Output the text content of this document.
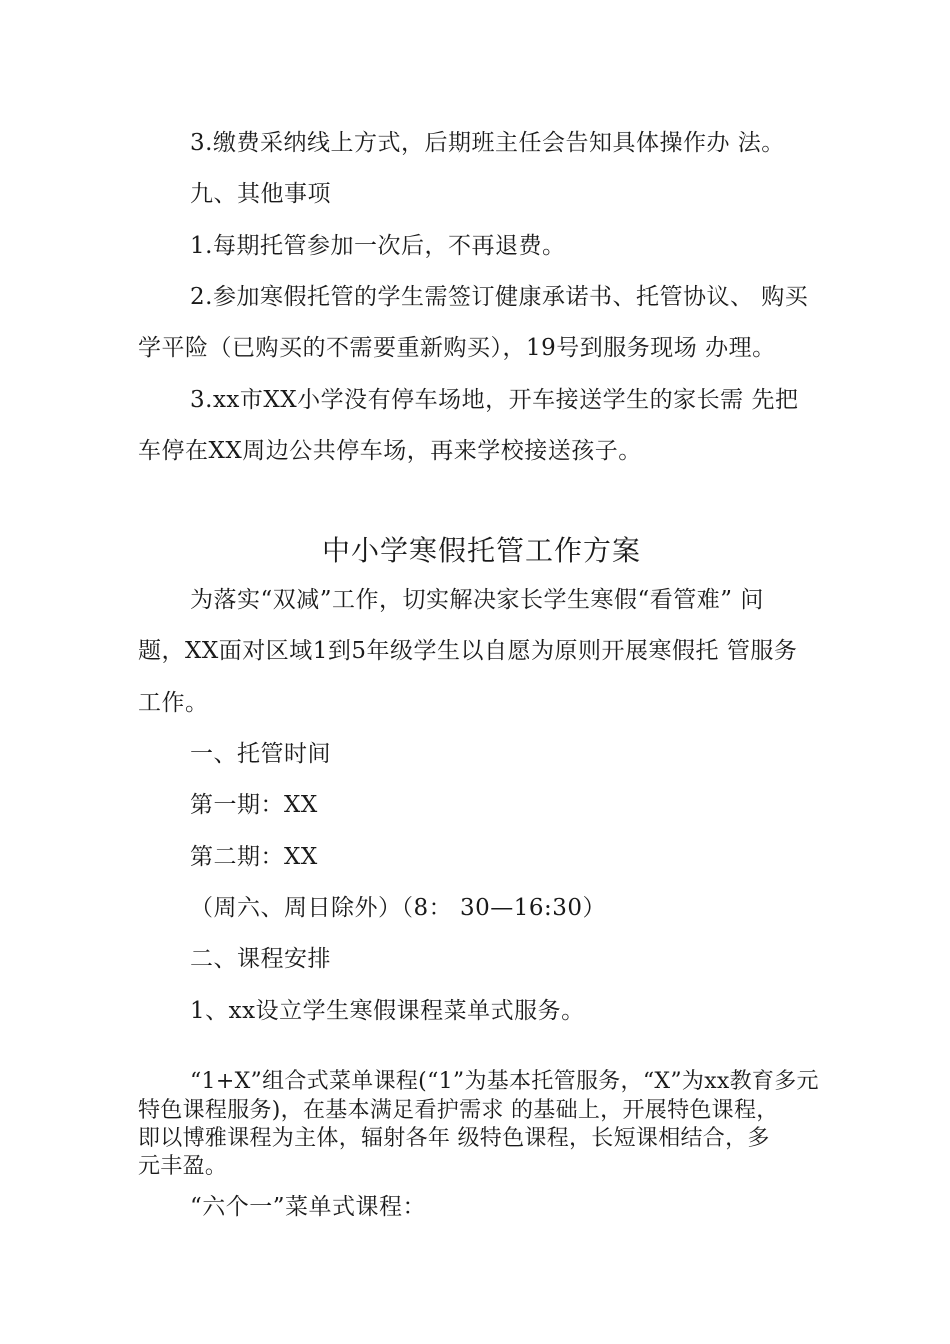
3.缴费采纳线上方式，后期班主任会告知具体操作办 法。
九、其他事项
1.每期托管参加一次后，不再退费。
2.参加寒假托管的学生需签订健康承诺书、托管协议、 购买
学平险（已购买的不需要重新购买），19号到服务现场 办理。
3.xx市XX小学没有停车场地，开车接送学生的家长需 先把
车停在XX周边公共停车场，再来学校接送孩子。
中小学寒假托管工作方案
为落实“双减”工作，切实解决家长学生寒假“看管难” 问
题，XX面对区域1到5年级学生以自愿为原则开展寒假托 管服务
工作。
一、托管时间
第一期：XX
第二期：XX
（周六、周日除外）（8： 30—16:30）
二、课程安排
1、xx设立学生寒假课程菜单式服务。
“1+X”组合式菜单课程(“1”为基本托管服务，“X”为xx教育多元
特色课程服务)，在基本满足看护需求 的基础上，开展特色课程，
即以博雅课程为主体，辐射各年 级特色课程，长短课相结合，多
元丰盈。
“六个一”菜单式课程：
